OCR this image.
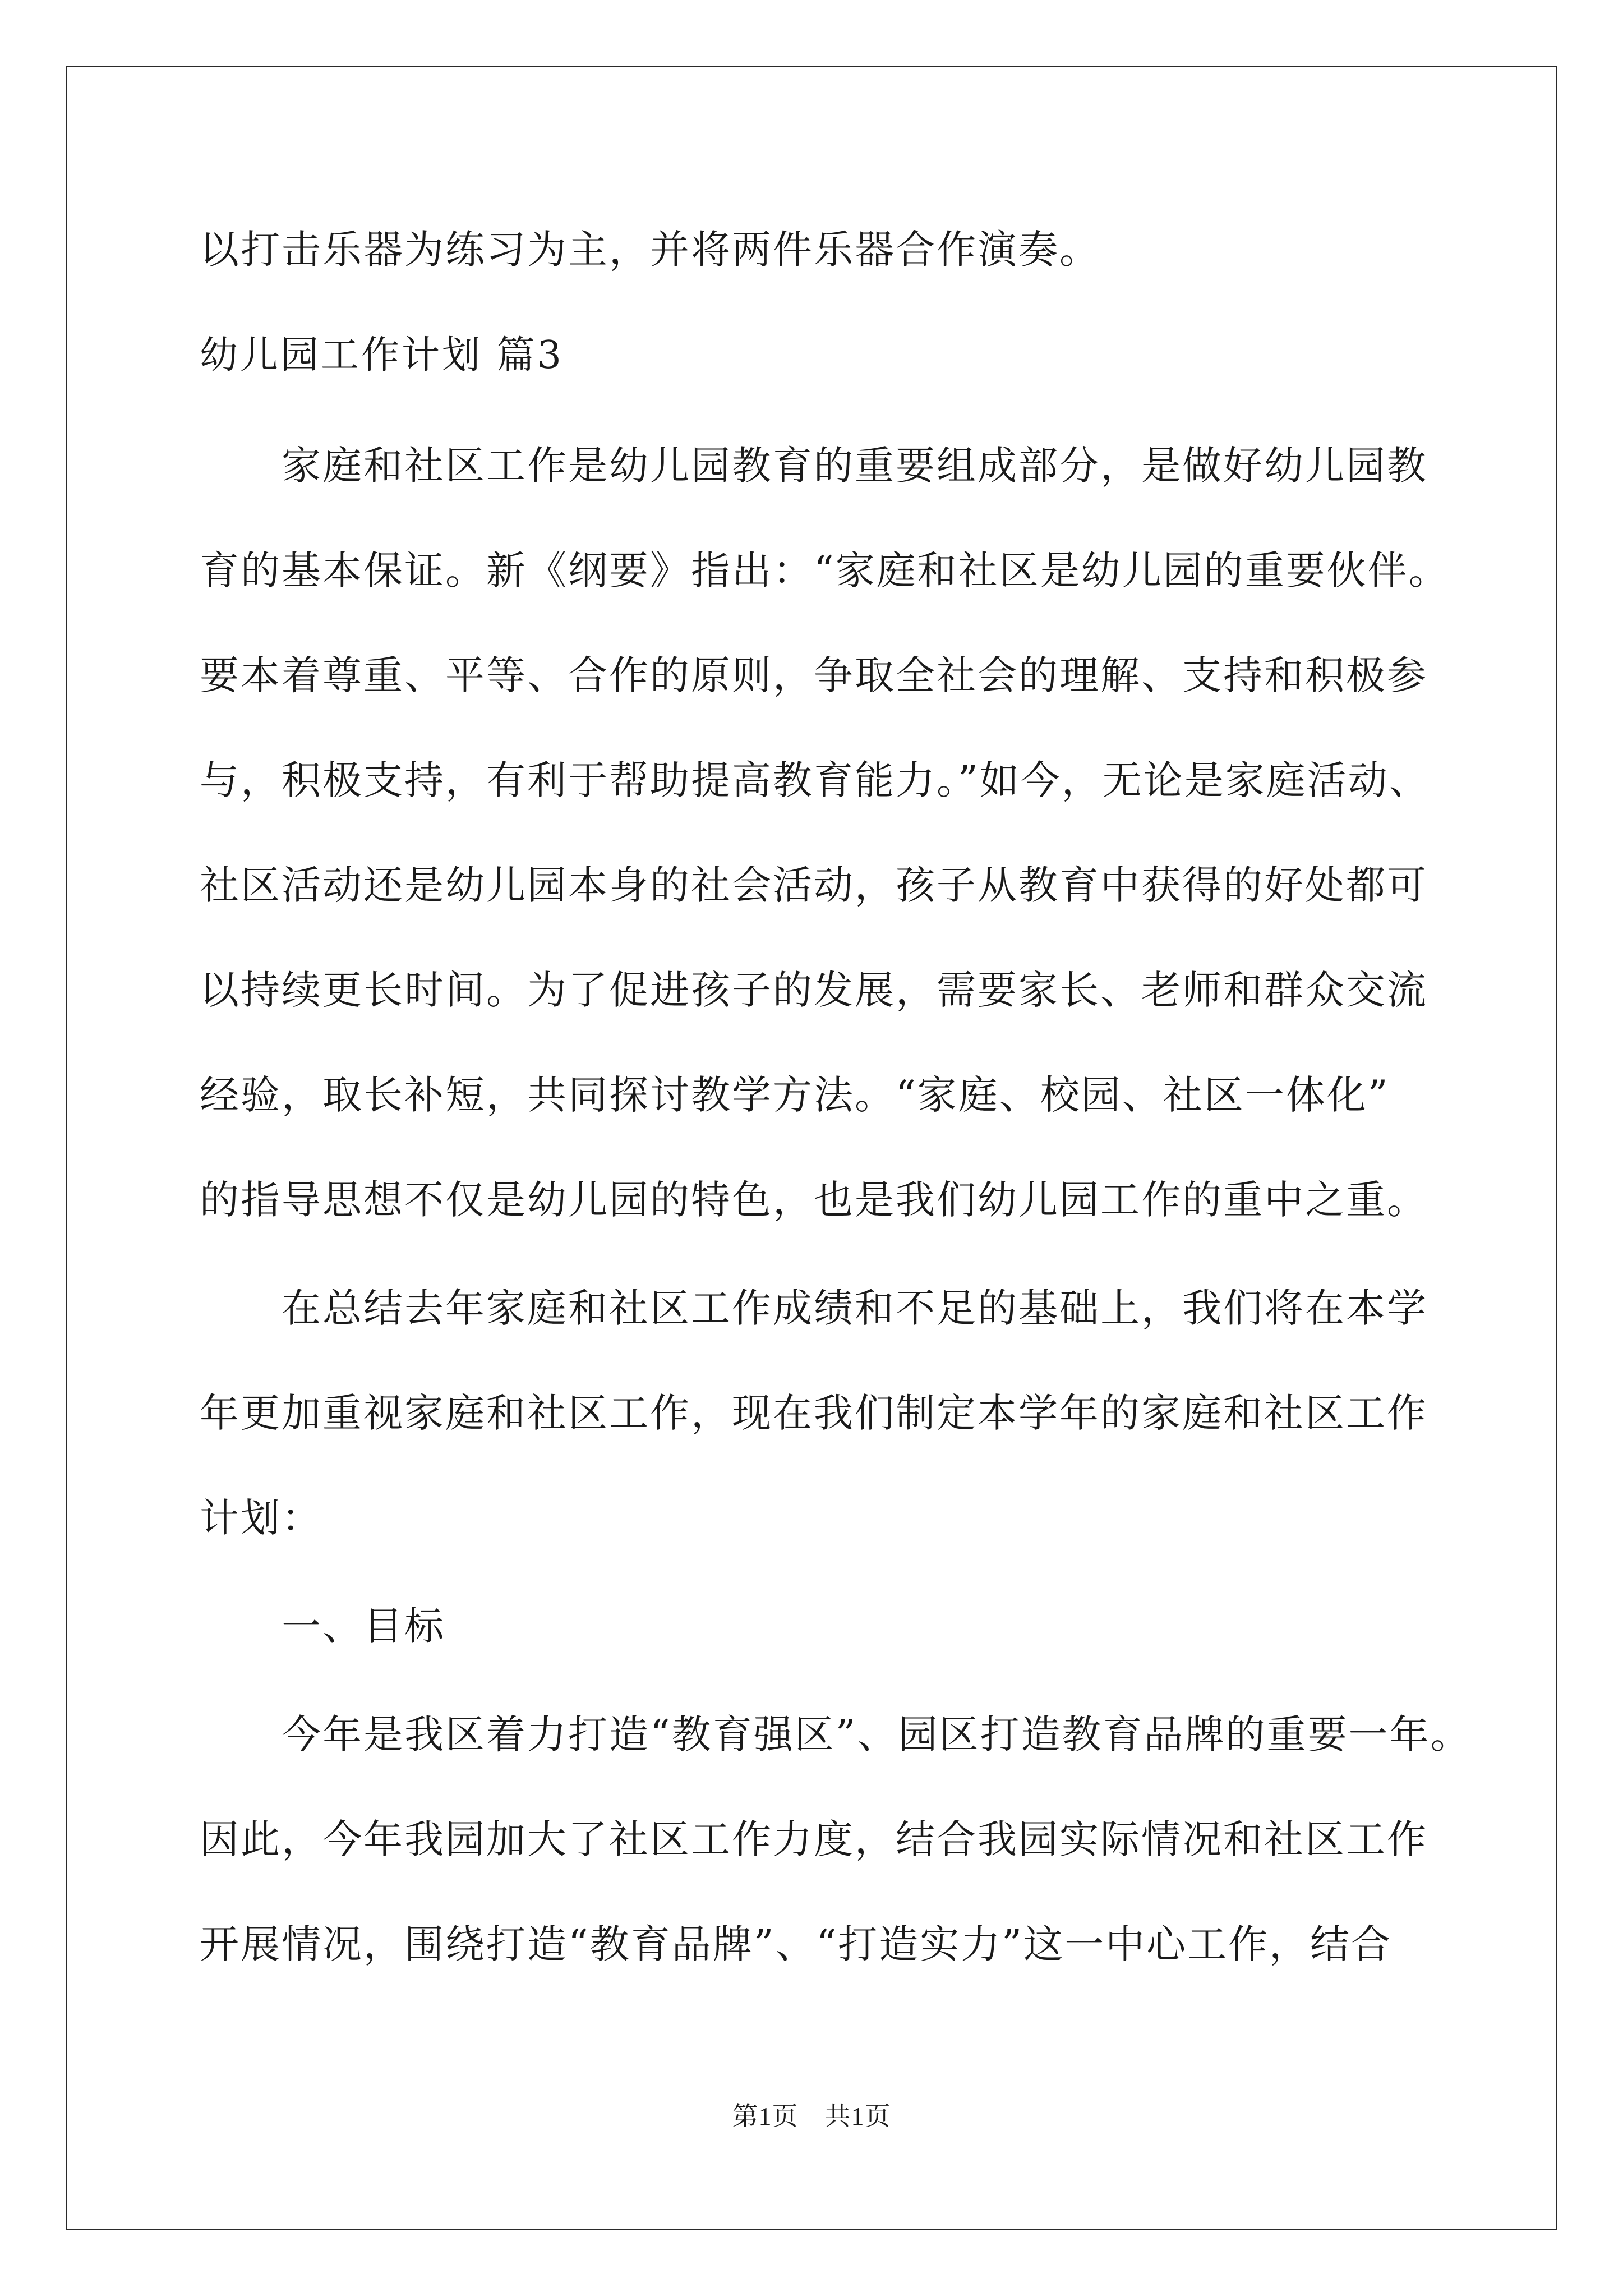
以打击乐器为练习为主，并将两件乐器合作演奏。
幼儿园工作计划 篇3
　　家庭和社区工作是幼儿园教育的重要组成部分，是做好幼儿园教
育的基本保证。新《纲要》指出：“家庭和社区是幼儿园的重要伙伴。
要本着尊重、平等、合作的原则，争取全社会的理解、支持和积极参
与，积极支持，有利于帮助提高教育能力。”如今，无论是家庭活动、
社区活动还是幼儿园本身的社会活动，孩子从教育中获得的好处都可
以持续更长时间。为了促进孩子的发展，需要家长、老师和群众交流
经验，取长补短，共同探讨教学方法。“家庭、校园、社区一体化”
的指导思想不仅是幼儿园的特色，也是我们幼儿园工作的重中之重。
　　在总结去年家庭和社区工作成绩和不足的基础上，我们将在本学
年更加重视家庭和社区工作，现在我们制定本学年的家庭和社区工作
计划：
　　一、目标
　　今年是我区着力打造“教育强区”、园区打造教育品牌的重要一年。
因此，今年我园加大了社区工作力度，结合我园实际情况和社区工作
开展情况，围绕打造“教育品牌”、“打造实力”这一中心工作，结合
第1页　共1页
